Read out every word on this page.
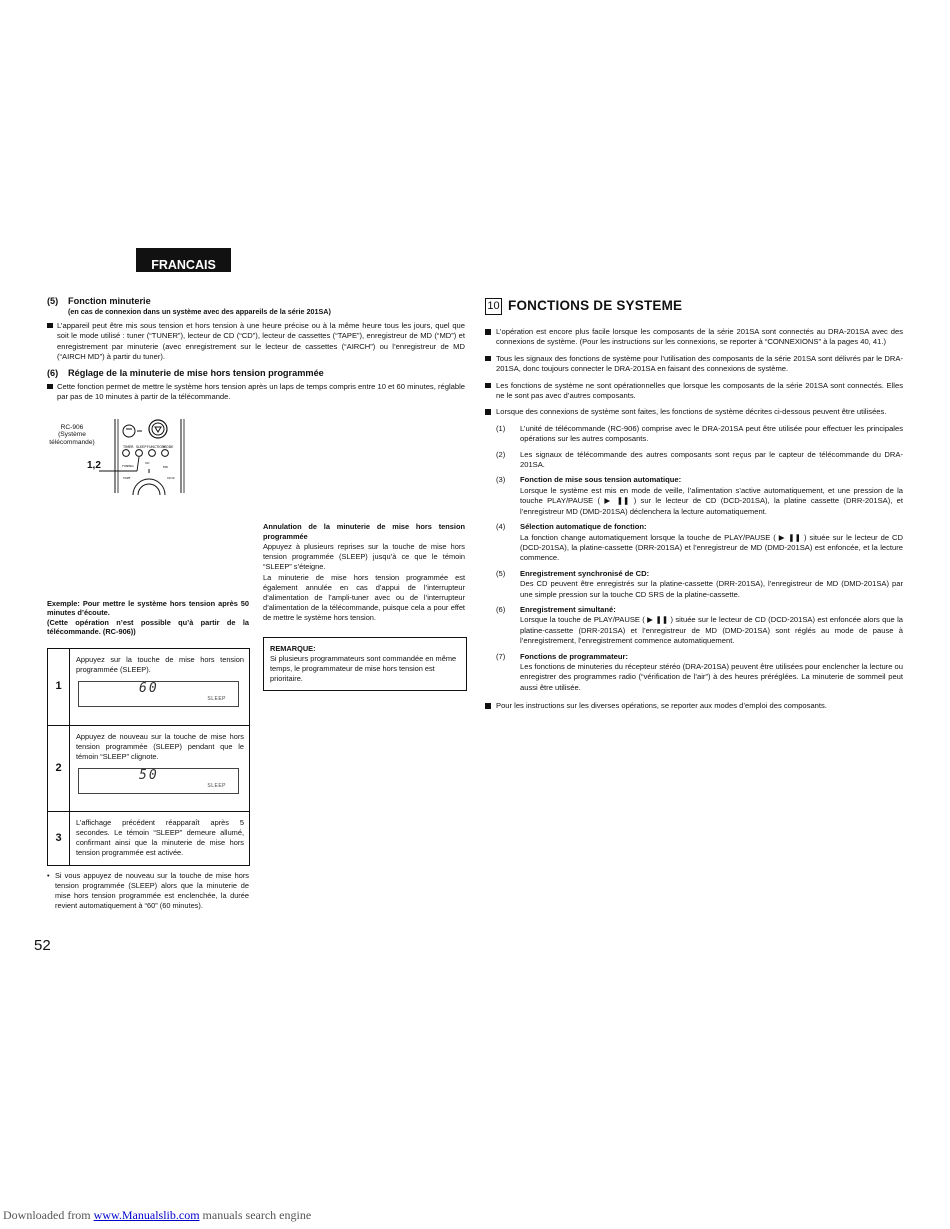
FRANCAIS
(5) Fonction minuterie
(en cas de connexion dans un système avec des appareils de la série 201SA)
L’appareil peut être mis sous tension et hors tension à une heure précise ou à la même heure tous les jours, quel que soit le mode utilisé : tuner (“TUNER”), lecteur de CD (“CD”), lecteur de cassettes (“TAPE”), enregistreur de MD (“MD”) et enregistrement par minuterie (avec enregistrement sur le lecteur de cassettes (“AIRCH”) ou l’enregistreur de MD (“AIRCH MD”) à partir du tuner).
(6) Réglage de la minuterie de mise hors tension programmée
Cette fonction permet de mettre le système hors tension après un laps de temps compris entre 10 et 60 minutes, réglable par pas de 10 minutes à partir de la télécommande.
RC-906 (Système télécommande)
1,2
TIMER SLEEP FUNCTION
MODE
TUNING
TAPE
CD
MD
CD-R
Exemple: Pour mettre le système hors tension après 50 minutes d’écoute.
(Cette opération n’est possible qu’à partir de la télécommande. (RC-906))
1
Appuyez sur la touche de mise hors tension programmée (SLEEP).
60
SLEEP
2
Appuyez de nouveau sur la touche de mise hors tension programmée (SLEEP) pendant que le témoin “SLEEP” clignote.
50
SLEEP
3
L’affichage précédent réapparaît après 5 secondes. Le témoin “SLEEP” demeure allumé, confirmant ainsi que la minuterie de mise hors tension programmée est activée.
• Si vous appuyez de nouveau sur la touche de mise hors tension programmée (SLEEP) alors que la minuterie de mise hors tension programmée est enclenchée, la durée revient automatiquement à “60” (60 minutes).
Annulation de la minuterie de mise hors tension programmée
Appuyez à plusieurs reprises sur la touche de mise hors tension programmée (SLEEP) jusqu’à ce que le témoin “SLEEP” s’éteigne.
La minuterie de mise hors tension programmée est également annulée en cas d’appui de l’interrupteur d’alimentation de l’ampli-tuner avec ou de l’interrupteur d’alimentation de la télécommande, puisque cela a pour effet de mettre le système hors tension.
REMARQUE:
Si plusieurs programmateurs sont commandée en même temps, le programmateur de mise hors tension est prioritaire.
10 FONCTIONS DE SYSTEME
L’opération est encore plus facile lorsque les composants de la série 201SA sont connectés au DRA-201SA avec des connexions de système. (Pour les instructions sur les connexions, se reporter à “CONNEXIONS” à la pages 40, 41.)
Tous les signaux des fonctions de système pour l’utilisation des composants de la série 201SA sont délivrés par le DRA-201SA, donc toujours connecter le DRA-201SA en faisant des connexions de système.
Les fonctions de système ne sont opérationnelles que lorsque les composants de la série 201SA sont connectés. Elles ne le sont pas avec d’autres composants.
Lorsque des connexions de système sont faites, les fonctions de système décrites ci-dessous peuvent être utilisées.
(1) L’unité de télécommande (RC-906) comprise avec le DRA-201SA peut être utilisée pour effectuer les principales opérations sur les autres composants.
(2) Les signaux de télécommande des autres composants sont reçus par le capteur de télécommande du DRA-201SA.
(3) Fonction de mise sous tension automatique:
Lorsque le système est mis en mode de veille, l’alimentation s’active automatiquement, et une pression de la touche PLAY/PAUSE ( ▶ ❚❚ ) sur le lecteur de CD (DCD-201SA), la platine cassette (DRR-201SA), et l’enregistreur MD (DMD-201SA) déclenchera la lecture automatiquement.
(4) Sélection automatique de fonction:
La fonction change automatiquement lorsque la touche de PLAY/PAUSE ( ▶ ❚❚ ) située sur le lecteur de CD (DCD-201SA), la platine-cassette (DRR-201SA) et l’enregistreur de MD (DMD-201SA) est enfoncée, et la lecture commence.
(5) Enregistrement synchronisé de CD:
Des CD peuvent être enregistrés sur la platine-cassette (DRR-201SA), l’enregistreur de MD (DMD-201SA) par une simple pression sur la touche CD SRS de la platine-cassette.
(6) Enregistrement simultané:
Lorsque la touche de PLAY/PAUSE ( ▶ ❚❚ ) située sur le lecteur de CD (DCD-201SA) est enfoncée alors que la platine-cassette (DRR-201SA) et l’enregistreur de MD (DMD-201SA) sont réglés au mode de pause à l’enregistrement, l’enregistrement commence automatiquement.
(7) Fonctions de programmateur:
Les fonctions de minuteries du récepteur stéréo (DRA-201SA) peuvent être utilisées pour enclencher la lecture ou enregistrer des programmes radio (“vérification de l’air”) à des heures préréglées. La minuterie de sommeil peut aussi être utilisée.
Pour les instructions sur les diverses opérations, se reporter aux modes d’emploi des composants.
52
Downloaded from www.Manualslib.com manuals search engine
